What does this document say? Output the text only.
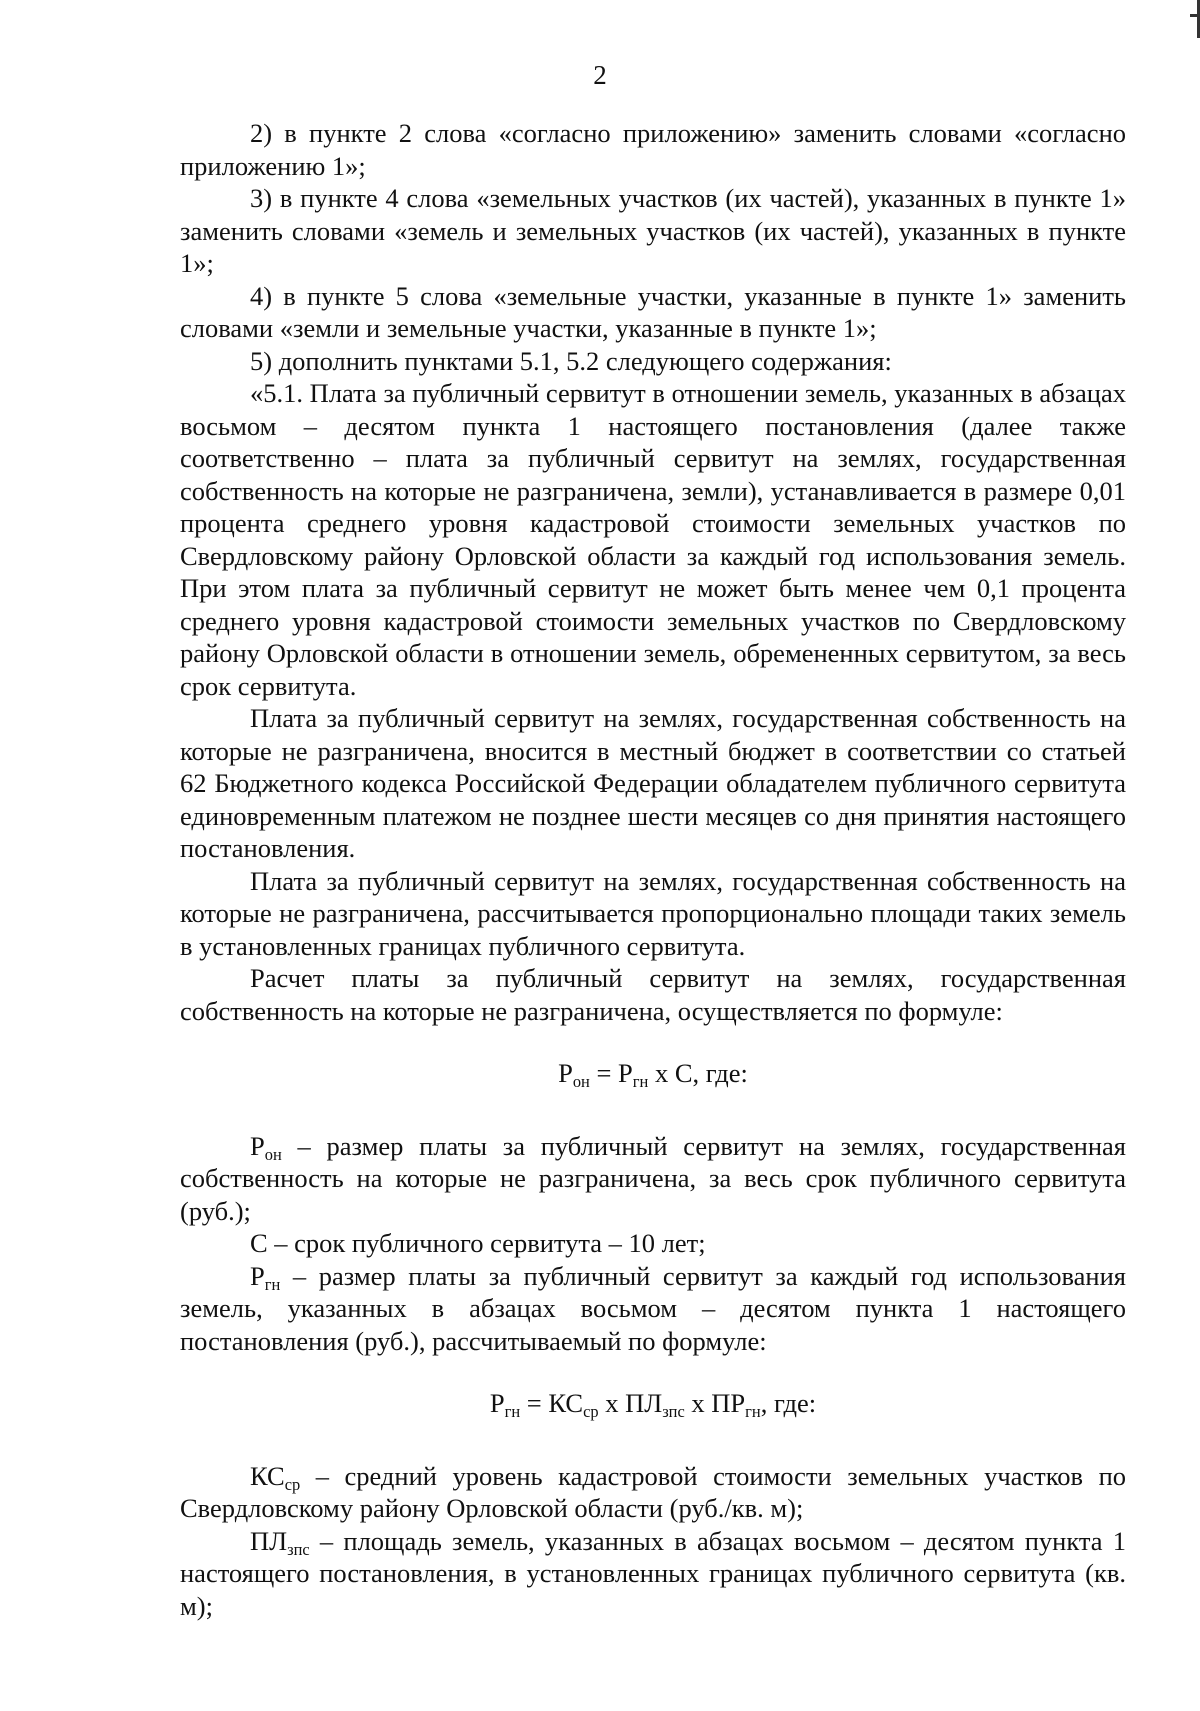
2

2) в пункте 2 слова «согласно приложению» заменить словами «согласно приложению 1»;

3) в пункте 4 слова «земельных участков (их частей), указанных в пункте 1» заменить словами «земель и земельных участков (их частей), указанных в пункте 1»;

4) в пункте 5 слова «земельные участки, указанные в пункте 1» заменить словами «земли и земельные участки, указанные в пункте 1»;

5) дополнить пунктами 5.1, 5.2 следующего содержания:

«5.1. Плата за публичный сервитут в отношении земель, указанных в абзацах восьмом – десятом пункта 1 настоящего постановления (далее также соответственно – плата за публичный сервитут на землях, государственная собственность на которые не разграничена, земли), устанавливается в размере 0,01 процента среднего уровня кадастровой стоимости земельных участков по Свердловскому району Орловской области за каждый год использования земель. При этом плата за публичный сервитут не может быть менее чем 0,1 процента среднего уровня кадастровой стоимости земельных участков по Свердловскому району Орловской области в отношении земель, обремененных сервитутом, за весь срок сервитута.

Плата за публичный сервитут на землях, государственная собственность на которые не разграничена, вносится в местный бюджет в соответствии со статьей 62 Бюджетного кодекса Российской Федерации обладателем публичного сервитута единовременным платежом не позднее шести месяцев со дня принятия настоящего постановления.

Плата за публичный сервитут на землях, государственная собственность на которые не разграничена, рассчитывается пропорционально площади таких земель в установленных границах публичного сервитута.

Расчет платы за публичный сервитут на землях, государственная собственность на которые не разграничена, осуществляется по формуле:

$Р_{он} = Р_{гн}$ х С, где:

$Р_{он}$ – размер платы за публичный сервитут на землях, государственная собственность на которые не разграничена, за весь срок публичного сервитута (руб.);

С – срок публичного сервитута – 10 лет;

$Р_{гн}$ – размер платы за публичный сервитут за каждый год использования земель, указанных в абзацах восьмом – десятом пункта 1 настоящего постановления (руб.), рассчитываемый по формуле:

$Р_{гн} = КС_{ср}$ х $ПЛ_{зпс}$ х $ПР_{гн}$, где:

$КС_{ср}$ – средний уровень кадастровой стоимости земельных участков по Свердловскому району Орловской области (руб./кв. м);

$ПЛ_{зпс}$ – площадь земель, указанных в абзацах восьмом – десятом пункта 1 настоящего постановления, в установленных границах публичного сервитута (кв. м);
